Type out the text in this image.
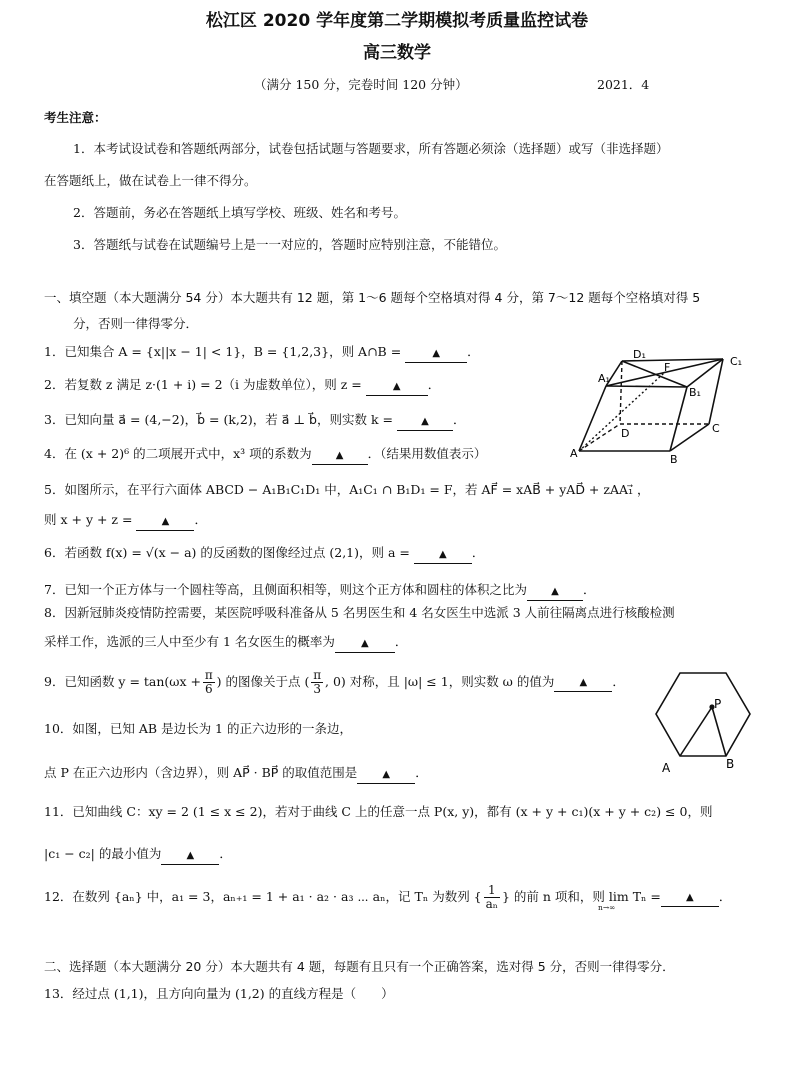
松江区 2020 学年度第二学期模拟考质量监控试卷
高三数学
（满分 150 分，完卷时间 120 分钟）	2021．4
考生注意：
1．本考试设试卷和答题纸两部分，试卷包括试题与答题要求，所有答题必须涂（选择题）或写（非选择题）
在答题纸上，做在试卷上一律不得分。
2．答题前，务必在答题纸上填写学校、班级、姓名和考号。
3．答题纸与试卷在试题编号上是一一对应的，答题时应特别注意，不能错位。
一、填空题（本大题满分 54 分）本大题共有 12 题，第 1～6 题每个空格填对得 4 分，第 7～12 题每个空格填对得 5
分，否则一律得零分．
1．已知集合 A = {x||x − 1| < 1}，B = {1,2,3}，则 A∩B =	▲ ．
2．若复数 z 满足 z·(1 + i) = 2（i 为虚数单位），则 z =	▲ ．
3．已知向量 a⃗ = (4,−2)，b⃗ = (k,2)，若 a⃗ ⊥ b⃗，则实数 k = ▲ ．
4．在 (x + 2)⁶ 的二项展开式中，x³ 项的系数为 ▲ ．（结果用数值表示）
5．如图所示，在平行六面体 ABCD − A₁B₁C₁D₁ 中，A₁C₁ ∩ B₁D₁ = F，若 AF⃗ = xAB⃗ + yAD⃗ + zAA₁⃗ ，
则 x + y + z =	▲ ．
6．若函数 f(x) = √(x − a) 的反函数的图像经过点 (2,1)，则 a =	▲ ．
7．已知一个正方体与一个圆柱等高，且侧面积相等，则这个正方体和圆柱的体积之比为 ▲ ．
8．因新冠肺炎疫情防控需要，某医院呼吸科准备从 5 名男医生和 4 名女医生中选派 3 人前往隔离点进行核酸检测
采样工作，选派的三人中至少有 1 名女医生的概率为	▲ ．
9．已知函数 $y = \tan(\omega x + \frac{\pi}{6}$ ) 的图像关于点 ( $\frac{\pi}{3}$ , 0) 对称，且 |ω| ≤ 1，则实数 ω 的值为	▲	．
10．如图，已知 AB 是边长为 1 的正六边形的一条边，
点 P 在正六边形内（含边界），则 AP⃗ · BP⃗ 的取值范围是	▲ ．
11．已知曲线 C：xy = 2 (1 ≤ x ≤ 2)，若对于曲线 C 上的任意一点 P(x, y)，都有 (x + y + c₁)(x + y + c₂) ≤ 0，则
|c₁ − c₂| 的最小值为	▲ ．
12．在数列 {aₙ} 中，a₁ = 3，aₙ₊₁ = 1 + a₁ · a₂ · a₃ ⋯ aₙ，记 Tₙ 为数列 { $\frac{1}{\text{aₙ}}$ } 的前 n 项和，则 lim Tₙ =	▲	．
n→∞
二、选择题（本大题满分 20 分）本大题共有 4 题，每题有且只有一个正确答案，选对得 5 分，否则一律得零分．
13．经过点 (1,1)，且方向向量为 (1,2) 的直线方程是（　　）
D₁
F	C₁
A₁
B₁
D	C
A	B
P
A	B
